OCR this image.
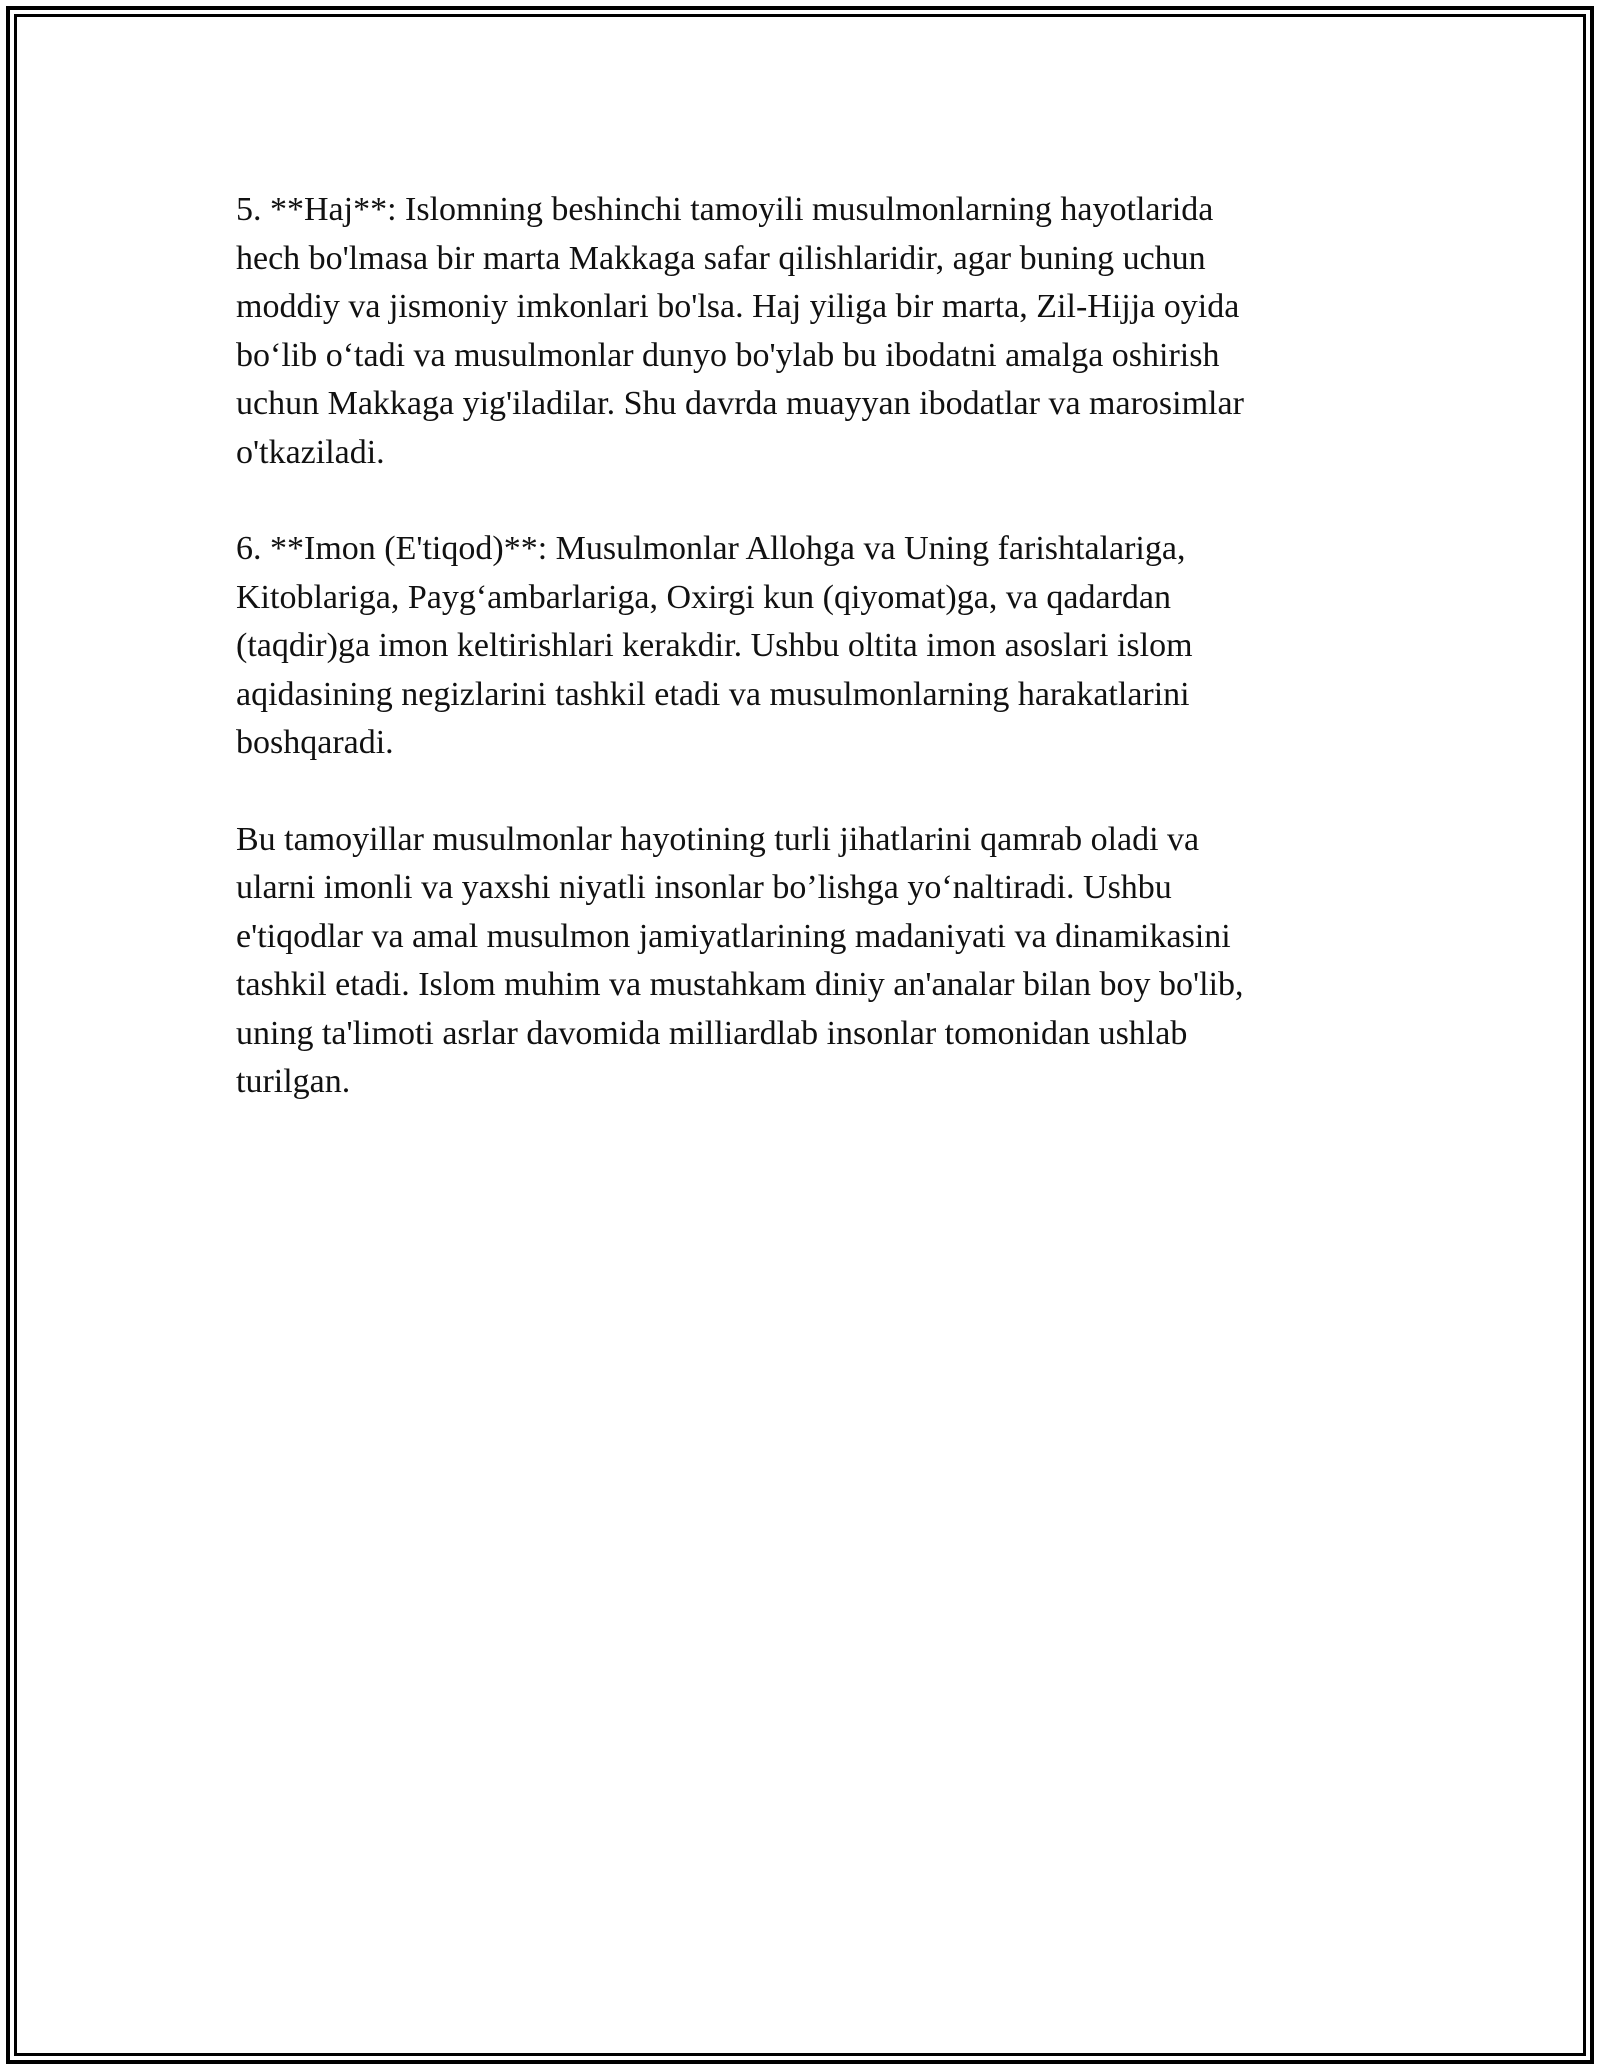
5. **Haj**: Islomning beshinchi tamoyili musulmonlarning hayotlarida
hech bo'lmasa bir marta Makkaga safar qilishlaridir, agar buning uchun
moddiy va jismoniy imkonlari bo'lsa. Haj yiliga bir marta, Zil-Hijja oyida
bo‘lib o‘tadi va musulmonlar dunyo bo'ylab bu ibodatni amalga oshirish
uchun Makkaga yig'iladilar. Shu davrda muayyan ibodatlar va marosimlar
o'tkaziladi.

6. **Imon (E'tiqod)**: Musulmonlar Allohga va Uning farishtalariga,
Kitoblariga, Payg‘ambarlariga, Oxirgi kun (qiyomat)ga, va qadardan
(taqdir)ga imon keltirishlari kerakdir. Ushbu oltita imon asoslari islom
aqidasining negizlarini tashkil etadi va musulmonlarning harakatlarini
boshqaradi.

Bu tamoyillar musulmonlar hayotining turli jihatlarini qamrab oladi va
ularni imonli va yaxshi niyatli insonlar bo’lishga yo‘naltiradi. Ushbu
e'tiqodlar va amal musulmon jamiyatlarining madaniyati va dinamikasini
tashkil etadi. Islom muhim va mustahkam diniy an'analar bilan boy bo'lib,
uning ta'limoti asrlar davomida milliardlab insonlar tomonidan ushlab
turilgan.
